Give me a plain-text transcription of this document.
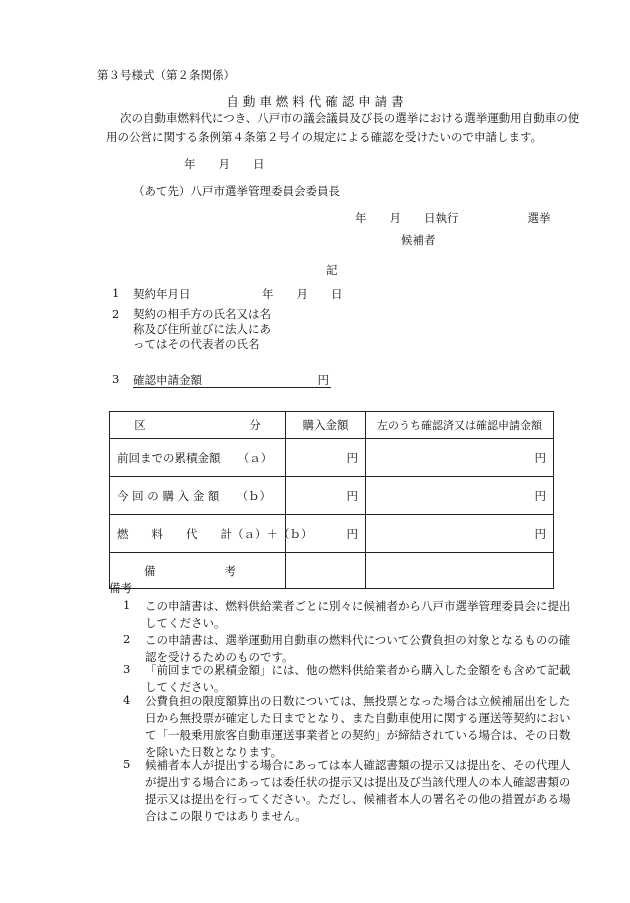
第３号様式（第２条関係）
自 動 車 燃 料 代 確 認 申 請 書
次の自動車燃料代につき、八戸市の議会議員及び長の選挙における選挙運動用自動車の使用の公営に関する条例第４条第２号イの規定による確認を受けたいので申請します。
年　　月　　日
（あて先）八戸市選挙管理委員会委員長
年　　月　　日執行　　　　　　選挙
候補者
記
1 契約年月日	年　　月　　日
2 契約の相手方の氏名又は名称及び住所並びに法人にあってはその代表者の氏名
3 確認申請金額	円
区　　　　　　　　　分	購入金額	左のうち確認済又は確認申請金額
前回までの累積金額　　（ａ）	円	円
今 回 の 購 入 金 額　　（ｂ）	円	円
燃　　料　　代　　計（ａ）＋（ｂ）	円	円
備　　　　　　考		
備考
1 この申請書は、燃料供給業者ごとに別々に候補者から八戸市選挙管理委員会に提出してください。
2 この申請書は、選挙運動用自動車の燃料代について公費負担の対象となるものの確認を受けるためのものです。
3 「前回までの累積金額」には、他の燃料供給業者から購入した金額をも含めて記載してください。
4 公費負担の限度額算出の日数については、無投票となった場合は立候補届出をした日から無投票が確定した日までとなり、また自動車使用に関する運送等契約において「一般乗用旅客自動車運送事業者との契約」が締結されている場合は、その日数を除いた日数となります。
5 候補者本人が提出する場合にあっては本人確認書類の提示又は提出を、その代理人が提出する場合にあっては委任状の提示又は提出及び当該代理人の本人確認書類の提示又は提出を行ってください。ただし、候補者本人の署名その他の措置がある場合はこの限りではありません。
